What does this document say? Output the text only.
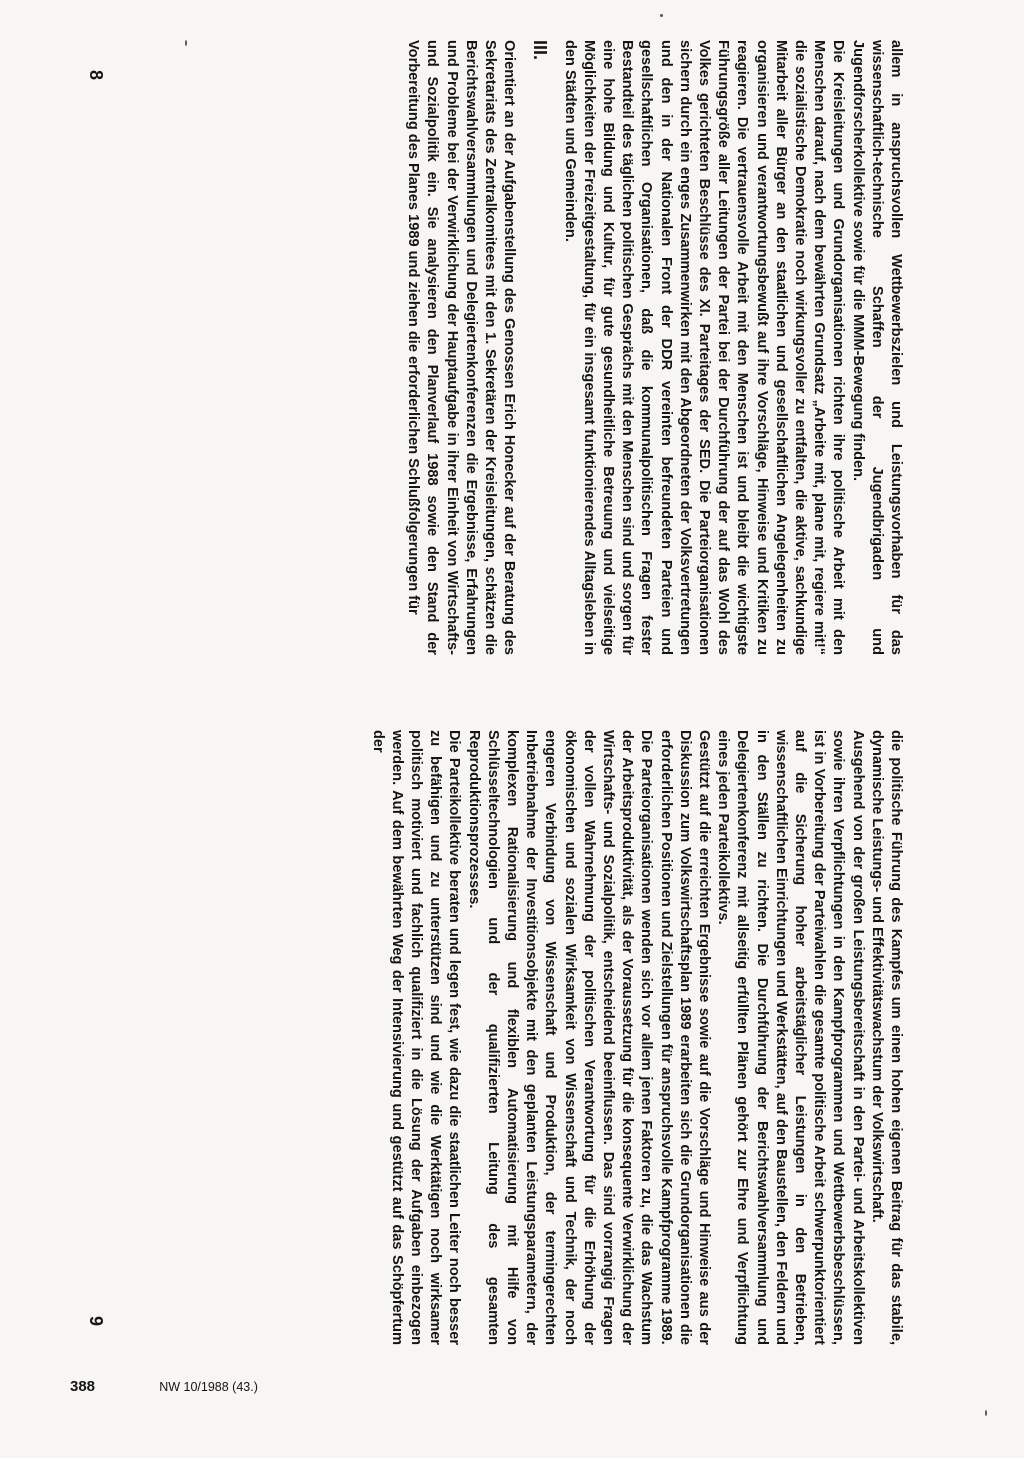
8	allem in anspruchsvollen Wettbewerbszielen und Leistungsvorhaben für das wissenschaftlich-technische Schaffen der Jugendbrigaden und Jugendforscherkollektive sowie für die MMM-Bewegung finden.

Die Kreisleitungen und Grundorganisationen richten ihre politische Arbeit mit den Menschen darauf, nach dem bewährten Grundsatz „Arbeite mit, plane mit, regiere mit!“ die sozialistische Demokratie noch wirkungsvoller zu entfalten, die aktive, sachkundige Mitarbeit aller Bürger an den staatlichen und gesellschaftlichen Angelegenheiten zu organisieren und verantwortungsbewußt auf ihre Vorschläge, Hinweise und Kritiken zu reagieren. Die vertrauensvolle Arbeit mit den Menschen ist und bleibt die wichtigste Führungsgröße aller Leitungen der Partei bei der Durchführung der auf das Wohl des Volkes gerichteten Beschlüsse des XI. Parteitages der SED. Die Parteiorganisationen sichern durch ein enges Zusammenwirken mit den Abgeordneten der Volksvertretungen und den in der Nationalen Front der DDR vereinten befreundeten Parteien und gesellschaftlichen Organisationen, daß die kommunalpolitischen Fragen fester Bestandteil des täglichen politischen Gesprächs mit den Menschen sind und sorgen für eine hohe Bildung und Kultur, für gute gesundheitliche Betreuung und vielseitige Möglichkeiten der Freizeitgestaltung, für ein insgesamt funktionierendes Alltagsleben in den Städten und Gemeinden.

III.

Orientiert an der Aufgabenstellung des Genossen Erich Honecker auf der Beratung des Sekretariats des Zentralkomitees mit den 1. Sekretären der Kreisleitungen, schätzen die Berichtswahlversammlungen und Delegiertenkonferenzen die Ergebnisse, Erfahrungen und Probleme bei der Verwirklichung der Hauptaufgabe in ihrer Einheit von Wirtschafts- und Sozialpolitik ein. Sie analysieren den Planverlauf 1988 sowie den Stand der Vorbereitung des Planes 1989 und ziehen die erforderlichen Schlußfolgerungen für

die politische Führung des Kampfes um einen hohen eigenen Beitrag für das stabile, dynamische Leistungs- und Effektivitätswachstum der Volkswirtschaft.

Ausgehend von der großen Leistungsbereitschaft in den Partei- und Arbeitskollektiven sowie ihren Verpflichtungen in den Kampfprogrammen und Wettbewerbsbeschlüssen, ist in Vorbereitung der Parteiwahlen die gesamte politische Arbeit schwerpunktorientiert auf die Sicherung hoher arbeitstäglicher Leistungen in den Betrieben, wissenschaftlichen Einrichtungen und Werkstätten, auf den Baustellen, den Feldern und in den Ställen zu richten. Die Durchführung der Berichtswahlversammlung und Delegiertenkonferenz mit allseitig erfüllten Plänen gehört zur Ehre und Verpflichtung eines jeden Parteikollektivs.

Gestützt auf die erreichten Ergebnisse sowie auf die Vorschläge und Hinweise aus der Diskussion zum Volkswirtschaftsplan 1989 erarbeiten sich die Grundorganisationen die erforderlichen Positionen und Zielstellungen für anspruchsvolle Kampfprogramme 1989.

Die Parteiorganisationen wenden sich vor allem jenen Faktoren zu, die das Wachstum der Arbeitsproduktivität, als der Voraussetzung für die konsequente Verwirklichung der Wirtschafts- und Sozialpolitik, entscheidend beeinflussen. Das sind vorrangig Fragen der vollen Wahrnehmung der politischen Verantwortung für die Erhöhung der ökonomischen und sozialen Wirksamkeit von Wissenschaft und Technik, der noch engeren Verbindung von Wissenschaft und Produktion, der termingerechten Inbetriebnahme der Investitionsobjekte mit den geplanten Leistungsparametern, der komplexen Rationalisierung und flexiblen Automatisierung mit Hilfe von Schlüsseltechnologien und der qualifizierten Leitung des gesamten Reproduktionsprozesses.

Die Parteikollektive beraten und legen fest, wie dazu die staatlichen Leiter noch besser zu befähigen und zu unterstützen sind und wie die Werktätigen noch wirksamer politisch motiviert und fachlich qualifiziert in die Lösung der Aufgaben einbezogen werden. Auf dem bewährten Weg der Intensivierung und gestützt auf das Schöpfertum der

9
388	NW 10/1988 (43.)
